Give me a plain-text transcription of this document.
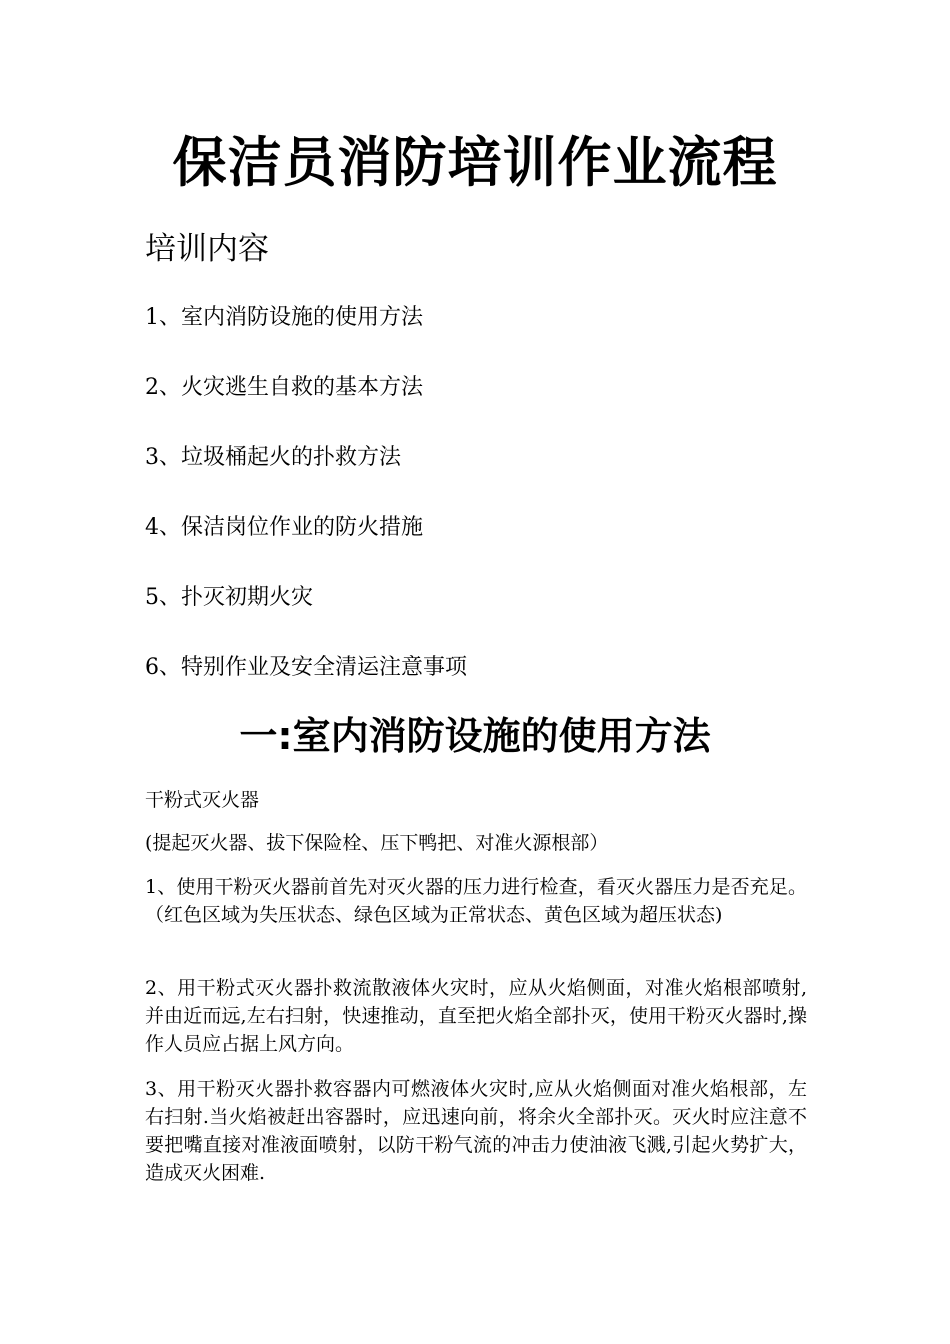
保洁员消防培训作业流程
培训内容
1、室内消防设施的使用方法
2、火灾逃生自救的基本方法
3、垃圾桶起火的扑救方法
4、保洁岗位作业的防火措施
5、扑灭初期火灾
6、特别作业及安全清运注意事项
一:室内消防设施的使用方法
干粉式灭火器
(提起灭火器、拔下保险栓、压下鸭把、对准火源根部）
1、使用干粉灭火器前首先对灭火器的压力进行检查，看灭火器压力是否充足。（红色区域为失压状态、绿色区域为正常状态、黄色区域为超压状态)
2、用干粉式灭火器扑救流散液体火灾时，应从火焰侧面，对准火焰根部喷射,并由近而远,左右扫射，快速推动，直至把火焰全部扑灭，使用干粉灭火器时,操作人员应占据上风方向。
3、用干粉灭火器扑救容器内可燃液体火灾时,应从火焰侧面对准火焰根部，左右扫射.当火焰被赶出容器时，应迅速向前，将余火全部扑灭。灭火时应注意不要把嘴直接对准液面喷射，以防干粉气流的冲击力使油液飞溅,引起火势扩大，造成灭火困难.
